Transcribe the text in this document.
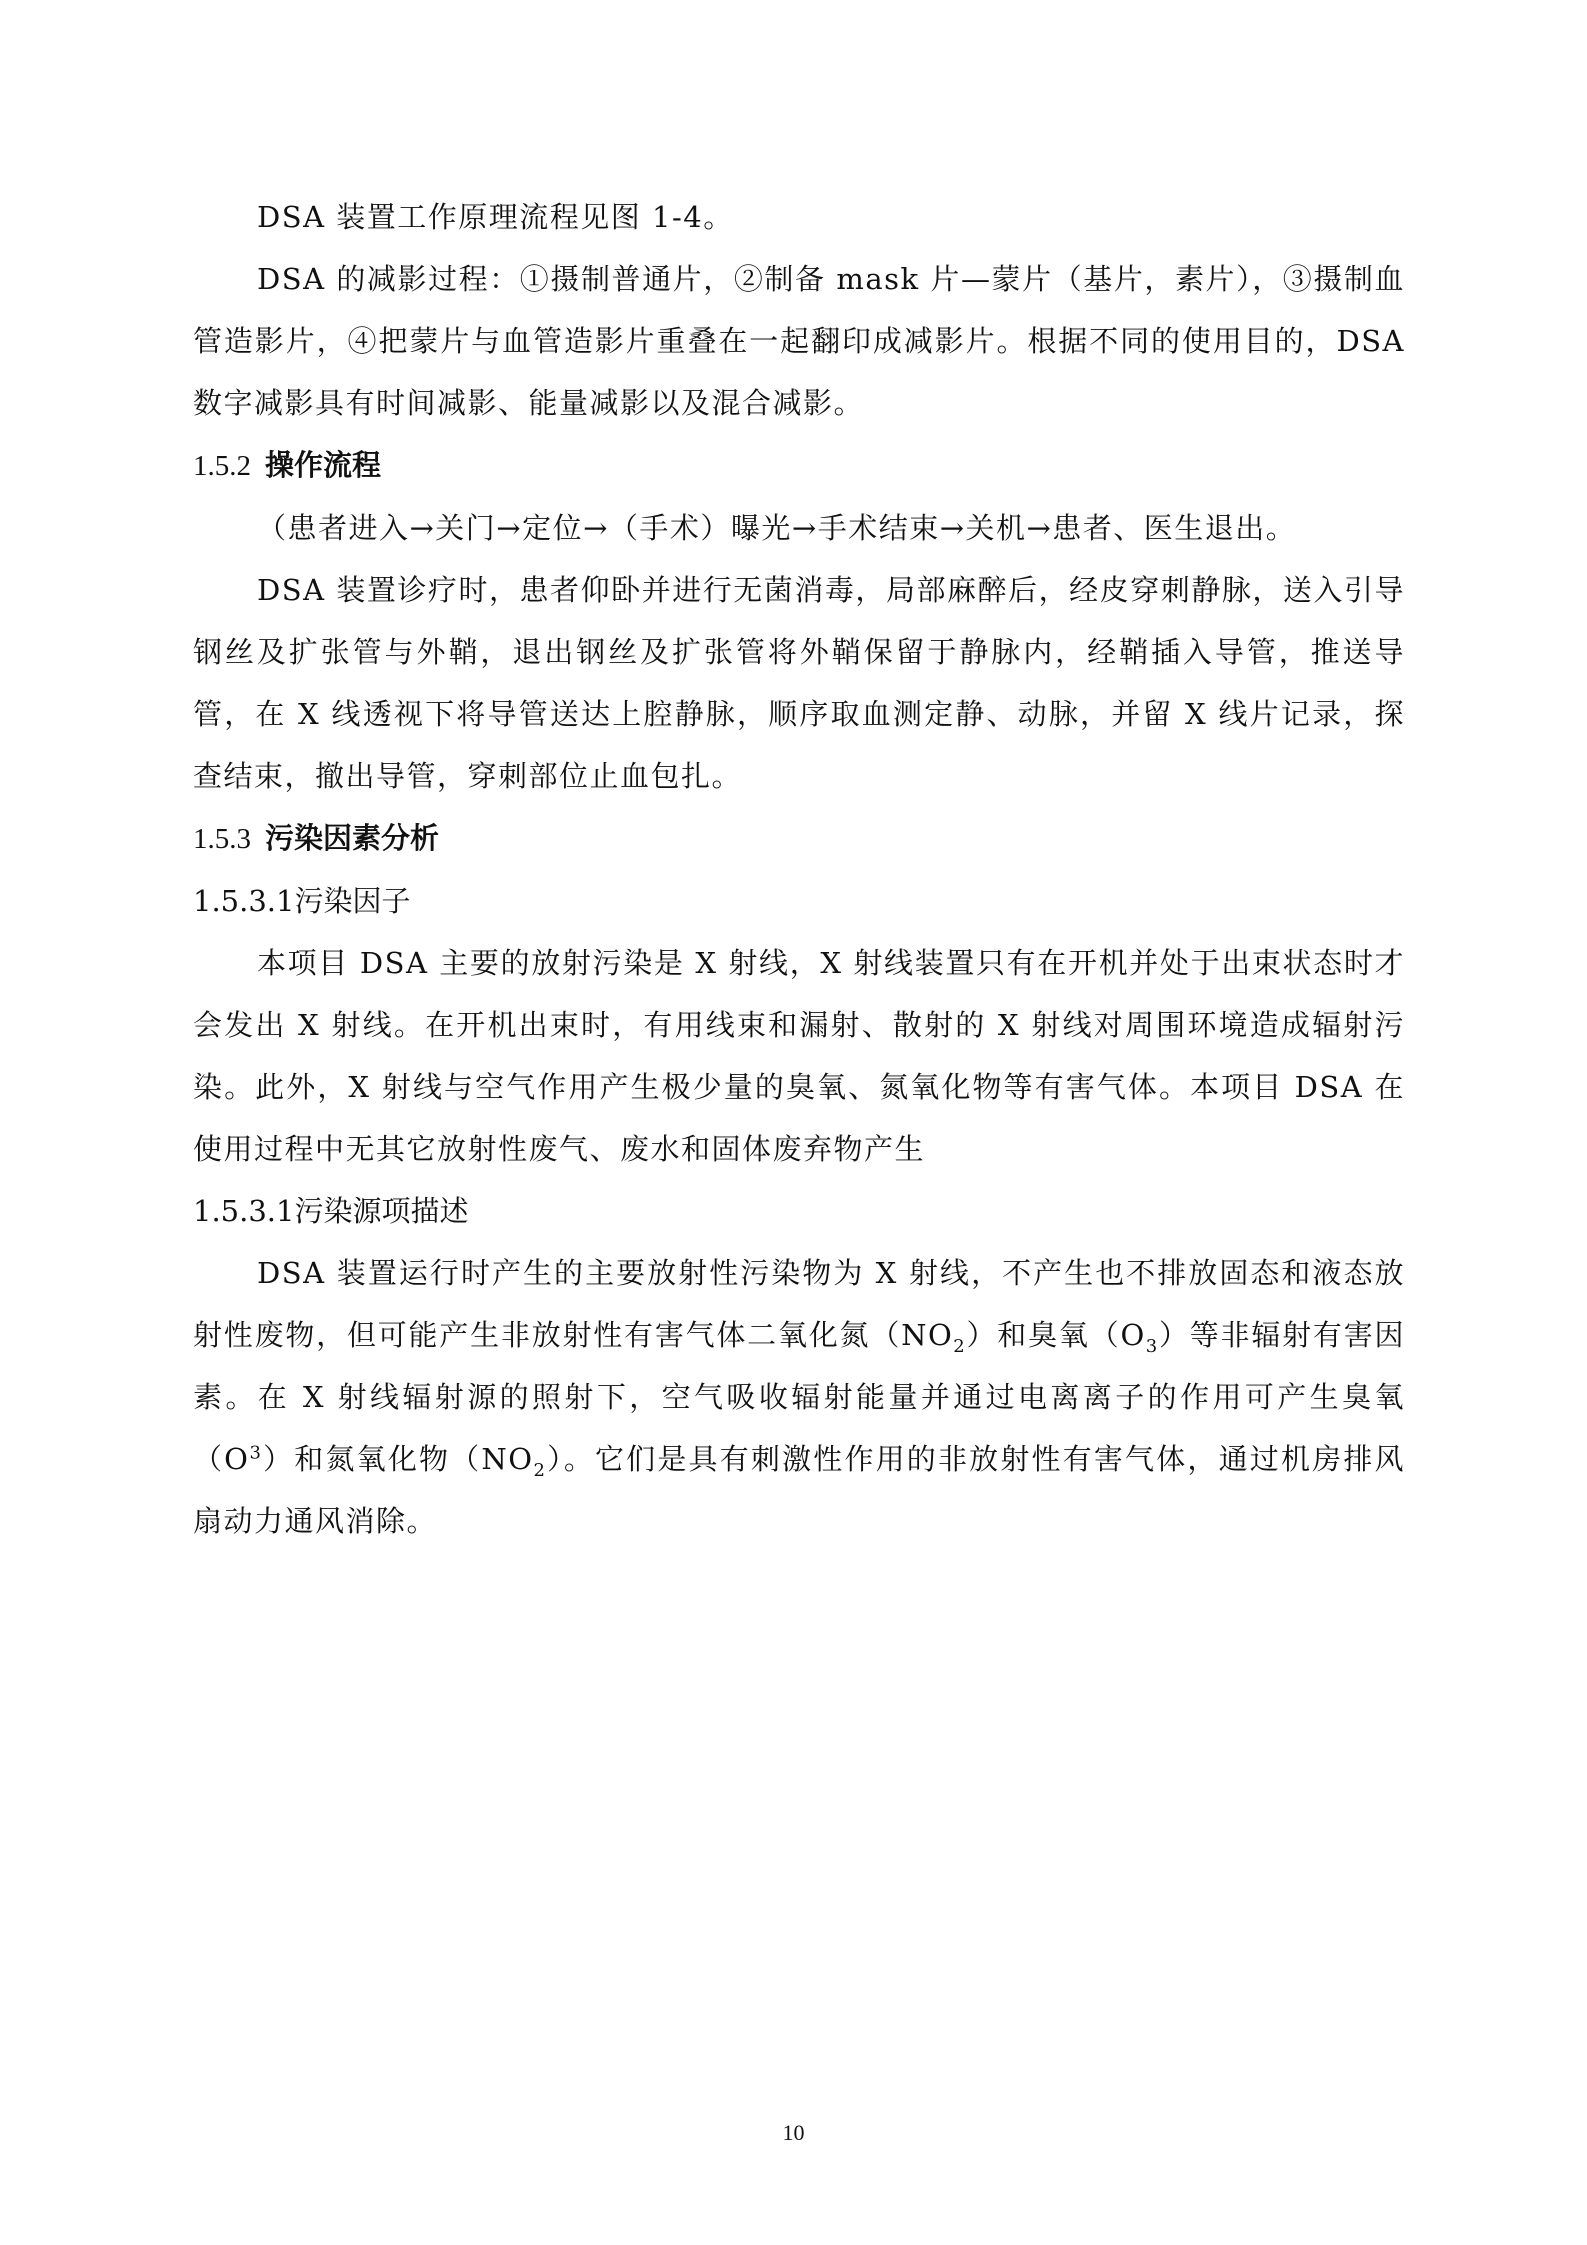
DSA 装置工作原理流程见图 1-4。

DSA 的减影过程：①摄制普通片，②制备 mask 片—蒙片（基片，素片），③摄制血管造影片，④把蒙片与血管造影片重叠在一起翻印成减影片。根据不同的使用目的，DSA 数字减影具有时间减影、能量减影以及混合减影。

1.5.2 操作流程

（患者进入→关门→定位→（手术）曝光→手术结束→关机→患者、医生退出。

DSA 装置诊疗时，患者仰卧并进行无菌消毒，局部麻醉后，经皮穿刺静脉，送入引导钢丝及扩张管与外鞘，退出钢丝及扩张管将外鞘保留于静脉内，经鞘插入导管，推送导管，在 X 线透视下将导管送达上腔静脉，顺序取血测定静、动脉，并留 X 线片记录，探查结束，撤出导管，穿刺部位止血包扎。

1.5.3 污染因素分析
1.5.3.1污染因子

本项目 DSA 主要的放射污染是 X 射线，X 射线装置只有在开机并处于出束状态时才会发出 X 射线。在开机出束时，有用线束和漏射、散射的 X 射线对周围环境造成辐射污染。此外，X 射线与空气作用产生极少量的臭氧、氮氧化物等有害气体。本项目 DSA 在使用过程中无其它放射性废气、废水和固体废弃物产生

1.5.3.1污染源项描述

DSA 装置运行时产生的主要放射性污染物为 X 射线，不产生也不排放固态和液态放射性废物，但可能产生非放射性有害气体二氧化氮$(NO_2)$和臭氧$(O_3)$等非辐射有害因素。在 X 射线辐射源的照射下，空气吸收辐射能量并通过电离离子的作用可产生臭氧$(O^3)$和氮氧化物$(NO_2)$。它们是具有刺激性作用的非放射性有害气体，通过机房排风扇动力通风消除。

10
